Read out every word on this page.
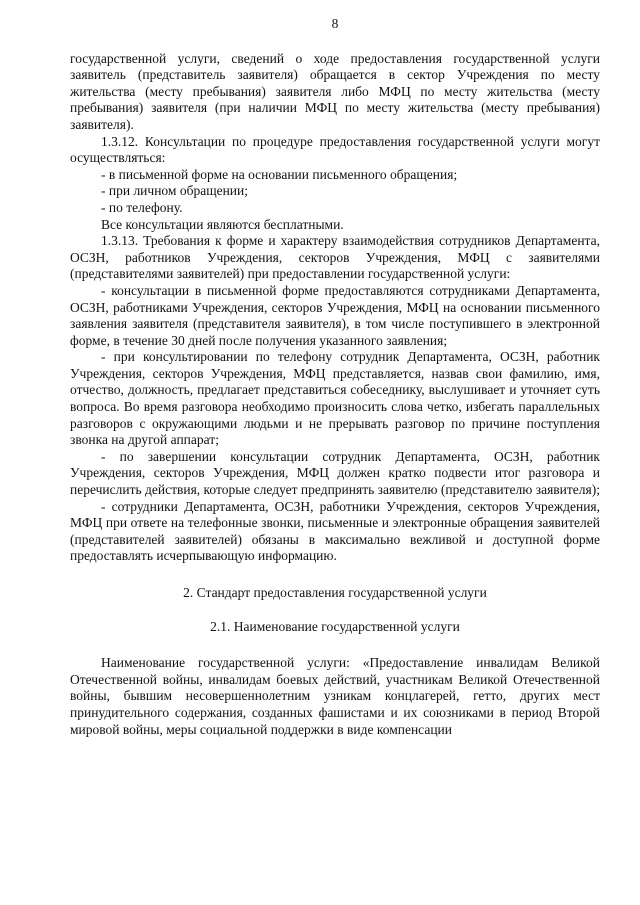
8

государственной услуги, сведений о ходе предоставления государственной услуги заявитель (представитель заявителя) обращается в сектор Учреждения по месту жительства (месту пребывания) заявителя либо МФЦ по месту жительства (месту пребывания) заявителя (при наличии МФЦ по месту жительства (месту пребывания) заявителя).

1.3.12. Консультации по процедуре предоставления государственной услуги могут осуществляться:

- в письменной форме на основании письменного обращения;

- при личном обращении;

- по телефону.

Все консультации являются бесплатными.

1.3.13. Требования к форме и характеру взаимодействия сотрудников Департамента, ОСЗН, работников Учреждения, секторов Учреждения, МФЦ с заявителями (представителями заявителей) при предоставлении государственной услуги:

- консультации в письменной форме предоставляются сотрудниками Департамента, ОСЗН, работниками Учреждения, секторов Учреждения, МФЦ на основании письменного заявления заявителя (представителя заявителя), в том числе поступившего в электронной форме, в течение 30 дней после получения указанного заявления;

- при консультировании по телефону сотрудник Департамента, ОСЗН, работник Учреждения, секторов Учреждения, МФЦ представляется, назвав свои фамилию, имя, отчество, должность, предлагает представиться собеседнику, выслушивает и уточняет суть вопроса. Во время разговора необходимо произносить слова четко, избегать параллельных разговоров с окружающими людьми и не прерывать разговор по причине поступления звонка на другой аппарат;

- по завершении консультации сотрудник Департамента, ОСЗН, работник Учреждения, секторов Учреждения, МФЦ должен кратко подвести итог разговора и перечислить действия, которые следует предпринять заявителю (представителю заявителя);

- сотрудники Департамента, ОСЗН, работники Учреждения, секторов Учреждения, МФЦ при ответе на телефонные звонки, письменные и электронные обращения заявителей (представителей заявителей) обязаны в максимально вежливой и доступной форме предоставлять исчерпывающую информацию.

2. Стандарт предоставления государственной услуги
2.1. Наименование государственной услуги

Наименование государственной услуги: «Предоставление инвалидам Великой Отечественной войны, инвалидам боевых действий, участникам Великой Отечественной войны, бывшим несовершеннолетним узникам концлагерей, гетто, других мест принудительного содержания, созданных фашистами и их союзниками в период Второй мировой войны, меры социальной поддержки в виде компенсации
